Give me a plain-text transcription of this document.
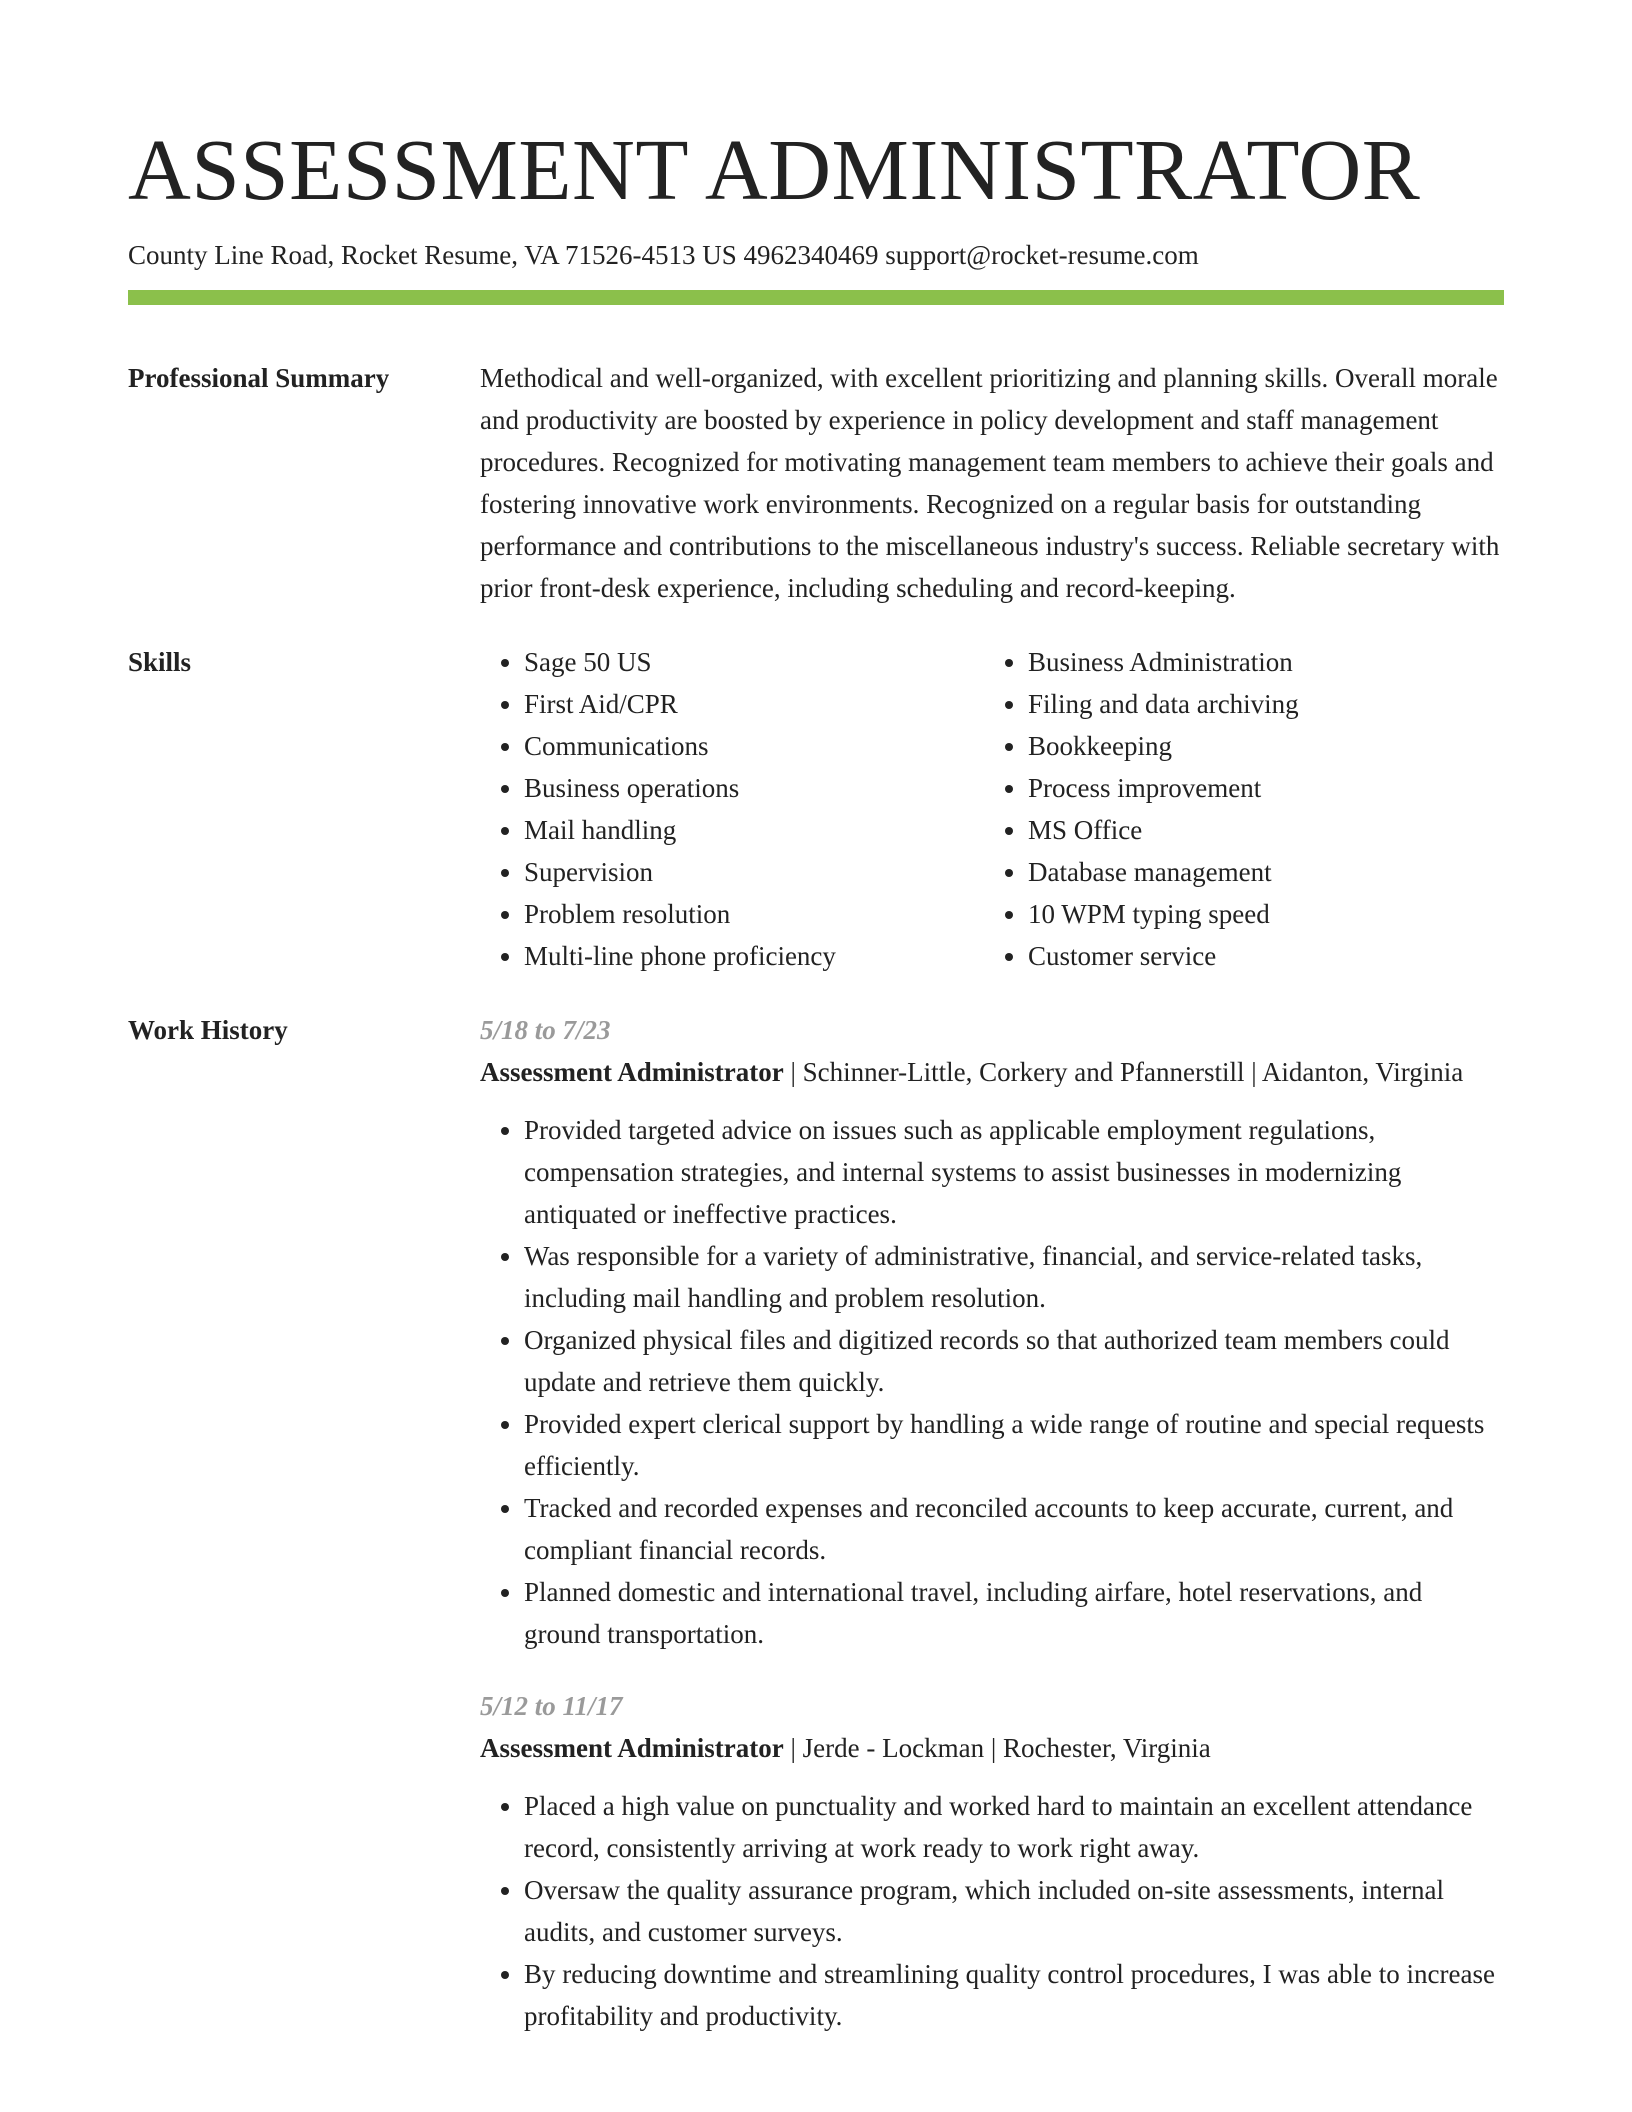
ASSESSMENT ADMINISTRATOR
County Line Road, Rocket Resume, VA 71526-4513 US 4962340469 support@rocket-resume.com
Professional Summary	Methodical and well-organized, with excellent prioritizing and planning skills. Overall morale and productivity are boosted by experience in policy development and staff management procedures. Recognized for motivating management team members to achieve their goals and fostering innovative work environments. Recognized on a regular basis for outstanding performance and contributions to the miscellaneous industry's success. Reliable secretary with prior front-desk experience, including scheduling and record-keeping.

Skills
•	Sage 50 US
• First Aid/CPR
• Communications
• Business operations
• Mail handling
• Supervision
• Problem resolution
• Multi-line phone proficiency
• Business Administration
• Filing and data archiving
• Bookkeeping
• Process improvement
• MS Office
• Database management
• 10 WPM typing speed
• Customer service
Work History	5/18 to 7/23
Assessment Administrator | Schinner-Little, Corkery and Pfannerstill | Aidanton, Virginia
• Provided targeted advice on issues such as applicable employment regulations, compensation strategies, and internal systems to assist businesses in modernizing antiquated or ineffective practices.
• Was responsible for a variety of administrative, financial, and service-related tasks, including mail handling and problem resolution.
• Organized physical files and digitized records so that authorized team members could update and retrieve them quickly.
• Provided expert clerical support by handling a wide range of routine and special requests efficiently.
• Tracked and recorded expenses and reconciled accounts to keep accurate, current, and compliant financial records.
• Planned domestic and international travel, including airfare, hotel reservations, and ground transportation.
5/12 to 11/17
Assessment Administrator | Jerde - Lockman | Rochester, Virginia
• Placed a high value on punctuality and worked hard to maintain an excellent attendance record, consistently arriving at work ready to work right away.
• Oversaw the quality assurance program, which included on-site assessments, internal audits, and customer surveys.
• By reducing downtime and streamlining quality control procedures, I was able to increase profitability and productivity.
